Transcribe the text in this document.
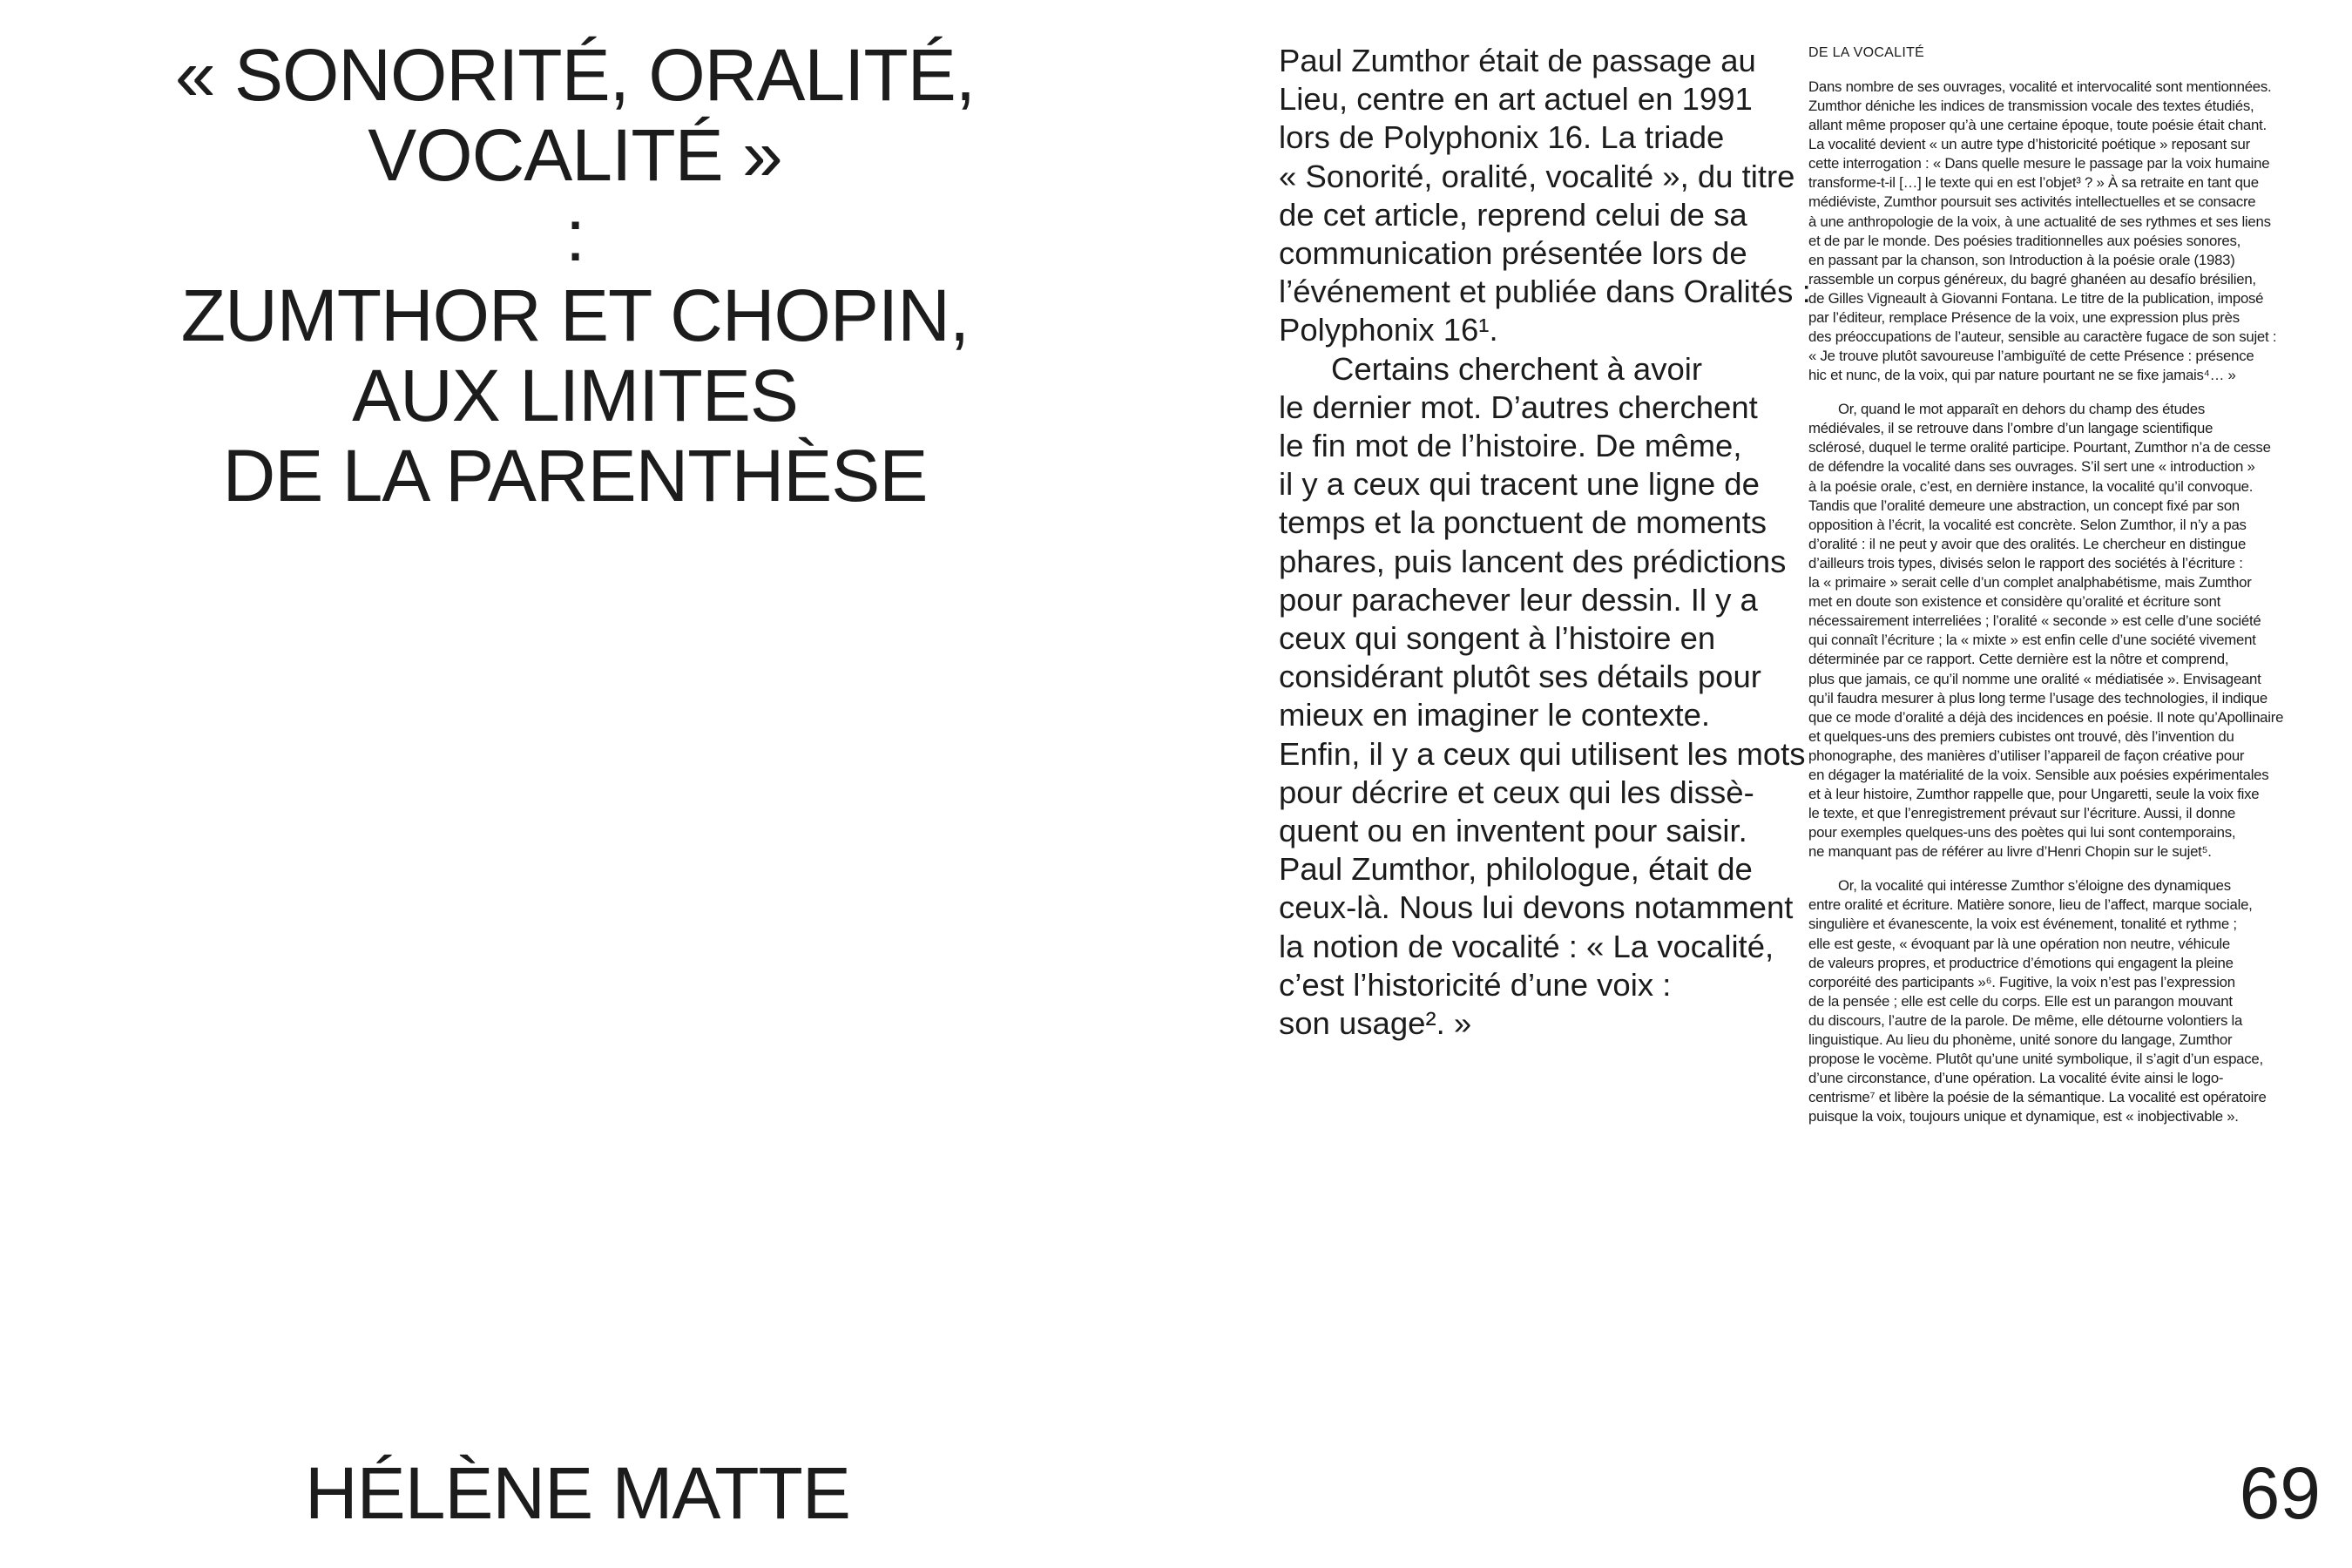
« SONORITÉ, ORALITÉ,
VOCALITÉ »
:
ZUMTHOR ET CHOPIN,
AUX LIMITES
DE LA PARENTHÈSE
HÉLÈNE MATTE	69

Paul Zumthor était de passage au
Lieu, centre en art actuel en 1991
lors de Polyphonix 16. La triade
« Sonorité, oralité, vocalité », du titre
de cet article, reprend celui de sa
communication présentée lors de
l’événement et publiée dans Oralités :
Polyphonix 16¹.

Certains cherchent à avoir
le dernier mot. D’autres cherchent
le fin mot de l’histoire. De même,
il y a ceux qui tracent une ligne de
temps et la ponctuent de moments
phares, puis lancent des prédictions
pour parachever leur dessin. Il y a
ceux qui songent à l’histoire en
considérant plutôt ses détails pour
mieux en imaginer le contexte.
Enfin, il y a ceux qui utilisent les mots
pour décrire et ceux qui les dissè-
quent ou en inventent pour saisir.
Paul Zumthor, philologue, était de
ceux-là. Nous lui devons notamment
la notion de vocalité : « La vocalité,
c’est l’historicité d’une voix :
son usage². »

DE LA VOCALITÉ

Dans nombre de ses ouvrages, vocalité et intervocalité sont mentionnées.
Zumthor déniche les indices de transmission vocale des textes étudiés,
allant même proposer qu’à une certaine époque, toute poésie était chant.
La vocalité devient « un autre type d’historicité poétique » reposant sur
cette interrogation : « Dans quelle mesure le passage par la voix humaine
transforme-t-il […] le texte qui en est l’objet³ ? » À sa retraite en tant que
médiéviste, Zumthor poursuit ses activités intellectuelles et se consacre
à une anthropologie de la voix, à une actualité de ses rythmes et ses liens
et de par le monde. Des poésies traditionnelles aux poésies sonores,
en passant par la chanson, son Introduction à la poésie orale (1983)
rassemble un corpus généreux, du bagré ghanéen au desafío brésilien,
de Gilles Vigneault à Giovanni Fontana. Le titre de la publication, imposé
par l’éditeur, remplace Présence de la voix, une expression plus près
des préoccupations de l’auteur, sensible au caractère fugace de son sujet :
« Je trouve plutôt savoureuse l’ambiguïté de cette Présence : présence
hic et nunc, de la voix, qui par nature pourtant ne se fixe jamais⁴… »

Or, quand le mot apparaît en dehors du champ des études
médiévales, il se retrouve dans l’ombre d’un langage scientifique
sclérosé, duquel le terme oralité participe. Pourtant, Zumthor n’a de cesse
de défendre la vocalité dans ses ouvrages. S’il sert une « introduction »
à la poésie orale, c’est, en dernière instance, la vocalité qu’il convoque.
Tandis que l’oralité demeure une abstraction, un concept fixé par son
opposition à l’écrit, la vocalité est concrète. Selon Zumthor, il n’y a pas
d’oralité : il ne peut y avoir que des oralités. Le chercheur en distingue
d’ailleurs trois types, divisés selon le rapport des sociétés à l’écriture :
la « primaire » serait celle d’un complet analphabétisme, mais Zumthor
met en doute son existence et considère qu’oralité et écriture sont
nécessairement interreliées ; l’oralité « seconde » est celle d’une société
qui connaît l’écriture ; la « mixte » est enfin celle d’une société vivement
déterminée par ce rapport. Cette dernière est la nôtre et comprend,
plus que jamais, ce qu’il nomme une oralité « médiatisée ». Envisageant
qu’il faudra mesurer à plus long terme l’usage des technologies, il indique
que ce mode d’oralité a déjà des incidences en poésie. Il note qu’Apollinaire
et quelques-uns des premiers cubistes ont trouvé, dès l’invention du
phonographe, des manières d’utiliser l’appareil de façon créative pour
en dégager la matérialité de la voix. Sensible aux poésies expérimentales
et à leur histoire, Zumthor rappelle que, pour Ungaretti, seule la voix fixe
le texte, et que l’enregistrement prévaut sur l’écriture. Aussi, il donne
pour exemples quelques-uns des poètes qui lui sont contemporains,
ne manquant pas de référer au livre d’Henri Chopin sur le sujet⁵.

Or, la vocalité qui intéresse Zumthor s’éloigne des dynamiques
entre oralité et écriture. Matière sonore, lieu de l’affect, marque sociale,
singulière et évanescente, la voix est événement, tonalité et rythme ;
elle est geste, « évoquant par là une opération non neutre, véhicule
de valeurs propres, et productrice d’émotions qui engagent la pleine
corporéité des participants »⁶. Fugitive, la voix n’est pas l’expression
de la pensée ; elle est celle du corps. Elle est un parangon mouvant
du discours, l’autre de la parole. De même, elle détourne volontiers la
linguistique. Au lieu du phonème, unité sonore du langage, Zumthor
propose le vocème. Plutôt qu’une unité symbolique, il s’agit d’un espace,
d’une circonstance, d’une opération. La vocalité évite ainsi le logo-
centrisme⁷ et libère la poésie de la sémantique. La vocalité est opératoire
puisque la voix, toujours unique et dynamique, est « inobjectivable ».
